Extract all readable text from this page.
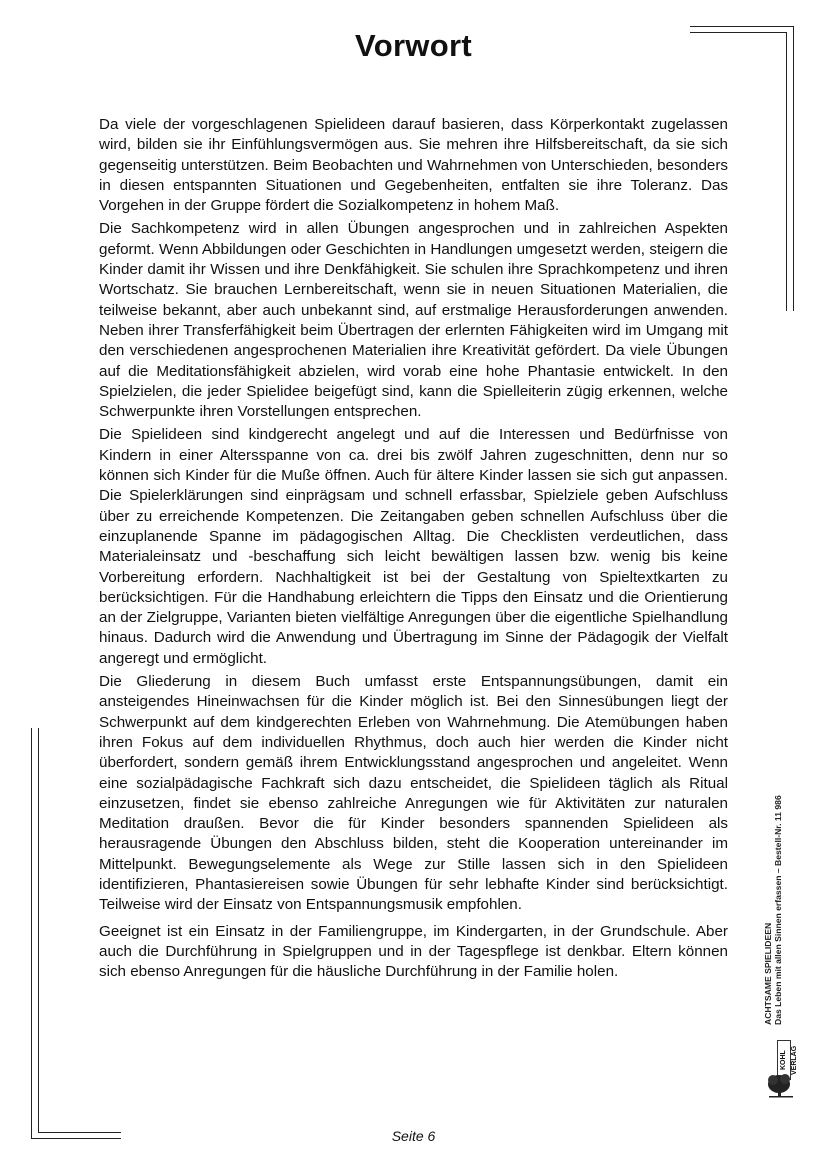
Vorwort

Da viele der vorgeschlagenen Spielideen darauf basieren, dass Körperkontakt zugelassen wird, bilden sie ihr Einfühlungsvermögen aus. Sie mehren ihre Hilfsbereitschaft, da sie sich gegenseitig unterstützen. Beim Beobachten und Wahrnehmen von Unterschieden, besonders in diesen entspannten Situationen und Gegebenheiten, entfalten sie ihre Toleranz. Das Vorgehen in der Gruppe fördert die Sozialkompetenz in hohem Maß.

Die Sachkompetenz wird in allen Übungen angesprochen und in zahlreichen Aspekten geformt. Wenn Abbildungen oder Geschichten in Handlungen umgesetzt werden, steigern die Kinder damit ihr Wissen und ihre Denkfähigkeit. Sie schulen ihre Sprachkompetenz und ihren Wortschatz. Sie brauchen Lernbereitschaft, wenn sie in neuen Situationen Materialien, die teilweise bekannt, aber auch unbekannt sind, auf erstmalige Herausforderungen anwenden. Neben ihrer Transferfähigkeit beim Übertragen der erlernten Fähigkeiten wird im Umgang mit den verschiedenen angesprochenen Materialien ihre Kreativität gefördert. Da viele Übungen auf die Meditationsfähigkeit abzielen, wird vorab eine hohe Phantasie entwickelt. In den Spielzielen, die jeder Spielidee beigefügt sind, kann die Spielleiterin zügig erkennen, welche Schwerpunkte ihren Vorstellungen entsprechen.

Die Spielideen sind kindgerecht angelegt und auf die Interessen und Bedürfnisse von Kindern in einer Altersspanne von ca. drei bis zwölf Jahren zugeschnitten, denn nur so können sich Kinder für die Muße öffnen. Auch für ältere Kinder lassen sie sich gut anpassen. Die Spielerklärungen sind einprägsam und schnell erfassbar, Spielziele geben Aufschluss über zu erreichende Kompetenzen. Die Zeitangaben geben schnellen Aufschluss über die einzuplanende Spanne im pädagogischen Alltag. Die Checklisten verdeutlichen, dass Materialeinsatz und -beschaffung sich leicht bewältigen lassen bzw. wenig bis keine Vorbereitung erfordern. Nachhaltigkeit ist bei der Gestaltung von Spieltextkarten zu berücksichtigen. Für die Handhabung erleichtern die Tipps den Einsatz und die Orientierung an der Zielgruppe, Varianten bieten vielfältige Anregungen über die eigentliche Spielhandlung hinaus. Dadurch wird die Anwendung und Übertragung im Sinne der Pädagogik der Vielfalt angeregt und ermöglicht.

Die Gliederung in diesem Buch umfasst erste Entspannungsübungen, damit ein ansteigendes Hineinwachsen für die Kinder möglich ist. Bei den Sinnesübungen liegt der Schwerpunkt auf dem kindgerechten Erleben von Wahrnehmung. Die Atemübungen haben ihren Fokus auf dem individuellen Rhythmus, doch auch hier werden die Kinder nicht überfordert, sondern gemäß ihrem Entwicklungsstand angesprochen und angeleitet. Wenn eine sozialpädagische Fachkraft sich dazu entscheidet, die Spielideen täglich als Ritual einzusetzen, findet sie ebenso zahlreiche Anregungen wie für Aktivitäten zur naturalen Meditation draußen. Bevor die für Kinder besonders spannenden Spielideen als herausragende Übungen den Abschluss bilden, steht die Kooperation untereinander im Mittelpunkt. Bewegungselemente als Wege zur Stille lassen sich in den Spielideen identifizieren, Phantasiereisen sowie Übungen für sehr lebhafte Kinder sind berücksichtigt. Teilweise wird der Einsatz von Entspannungsmusik empfohlen.

Geeignet ist ein Einsatz in der Familiengruppe, im Kindergarten, in der Grundschule. Aber auch die Durchführung in Spielgruppen und in der Tagespflege ist denkbar. Eltern können sich ebenso Anregungen für die häusliche Durchführung in der Familie holen.	ACHTSAME SPIELIDEEN Das Leben mit allen Sinnen erfassen – Bestell-Nr. 11 986
KOHL VERLAG
Seite 6
